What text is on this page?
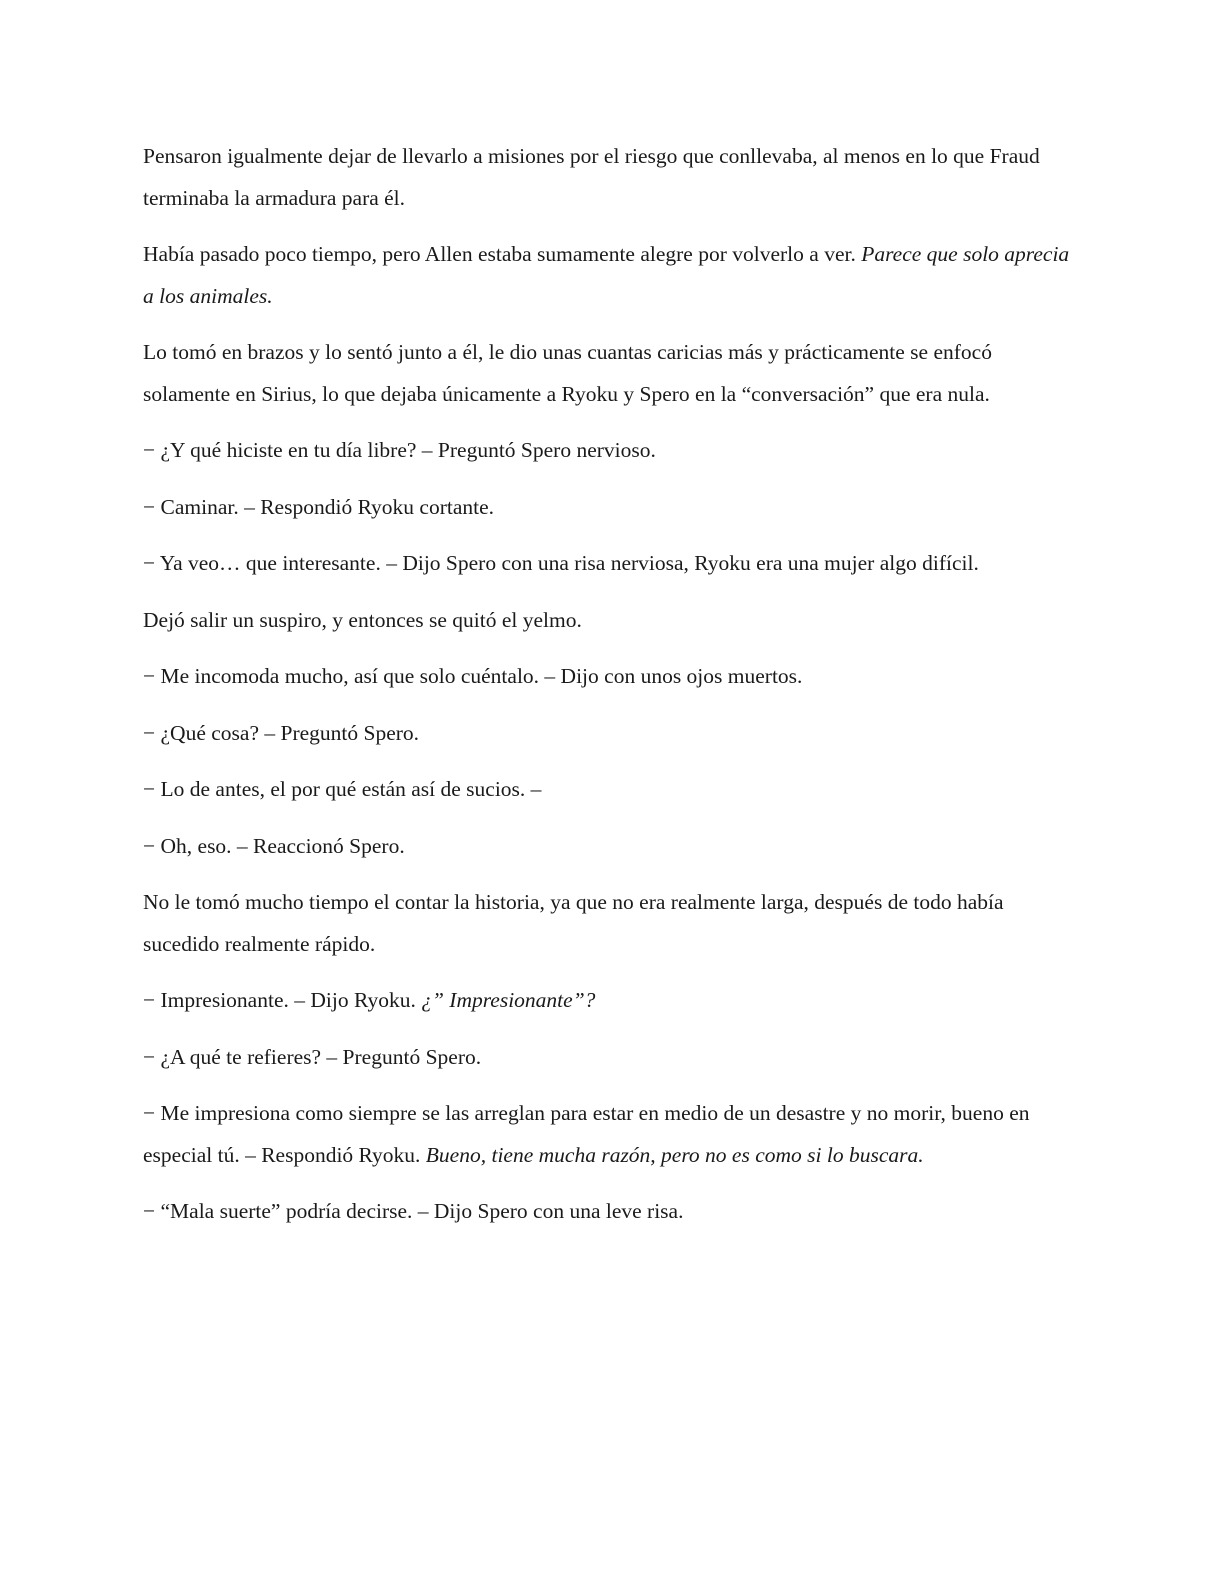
Pensaron igualmente dejar de llevarlo a misiones por el riesgo que conllevaba, al menos en lo que Fraud terminaba la armadura para él.

Había pasado poco tiempo, pero Allen estaba sumamente alegre por volverlo a ver. Parece que solo aprecia a los animales.

Lo tomó en brazos y lo sentó junto a él, le dio unas cuantas caricias más y prácticamente se enfocó solamente en Sirius, lo que dejaba únicamente a Ryoku y Spero en la “conversación” que era nula.

− ¿Y qué hiciste en tu día libre? – Preguntó Spero nervioso.

− Caminar. – Respondió Ryoku cortante.

− Ya veo… que interesante. – Dijo Spero con una risa nerviosa, Ryoku era una mujer algo difícil.

Dejó salir un suspiro, y entonces se quitó el yelmo.

− Me incomoda mucho, así que solo cuéntalo. – Dijo con unos ojos muertos.

− ¿Qué cosa? – Preguntó Spero.

− Lo de antes, el por qué están así de sucios. –

− Oh, eso. – Reaccionó Spero.

No le tomó mucho tiempo el contar la historia, ya que no era realmente larga, después de todo había sucedido realmente rápido.

− Impresionante. – Dijo Ryoku. ¿” Impresionante”?

− ¿A qué te refieres? – Preguntó Spero.

− Me impresiona como siempre se las arreglan para estar en medio de un desastre y no morir, bueno en especial tú. – Respondió Ryoku. Bueno, tiene mucha razón, pero no es como si lo buscara.

− “Mala suerte” podría decirse. – Dijo Spero con una leve risa.
